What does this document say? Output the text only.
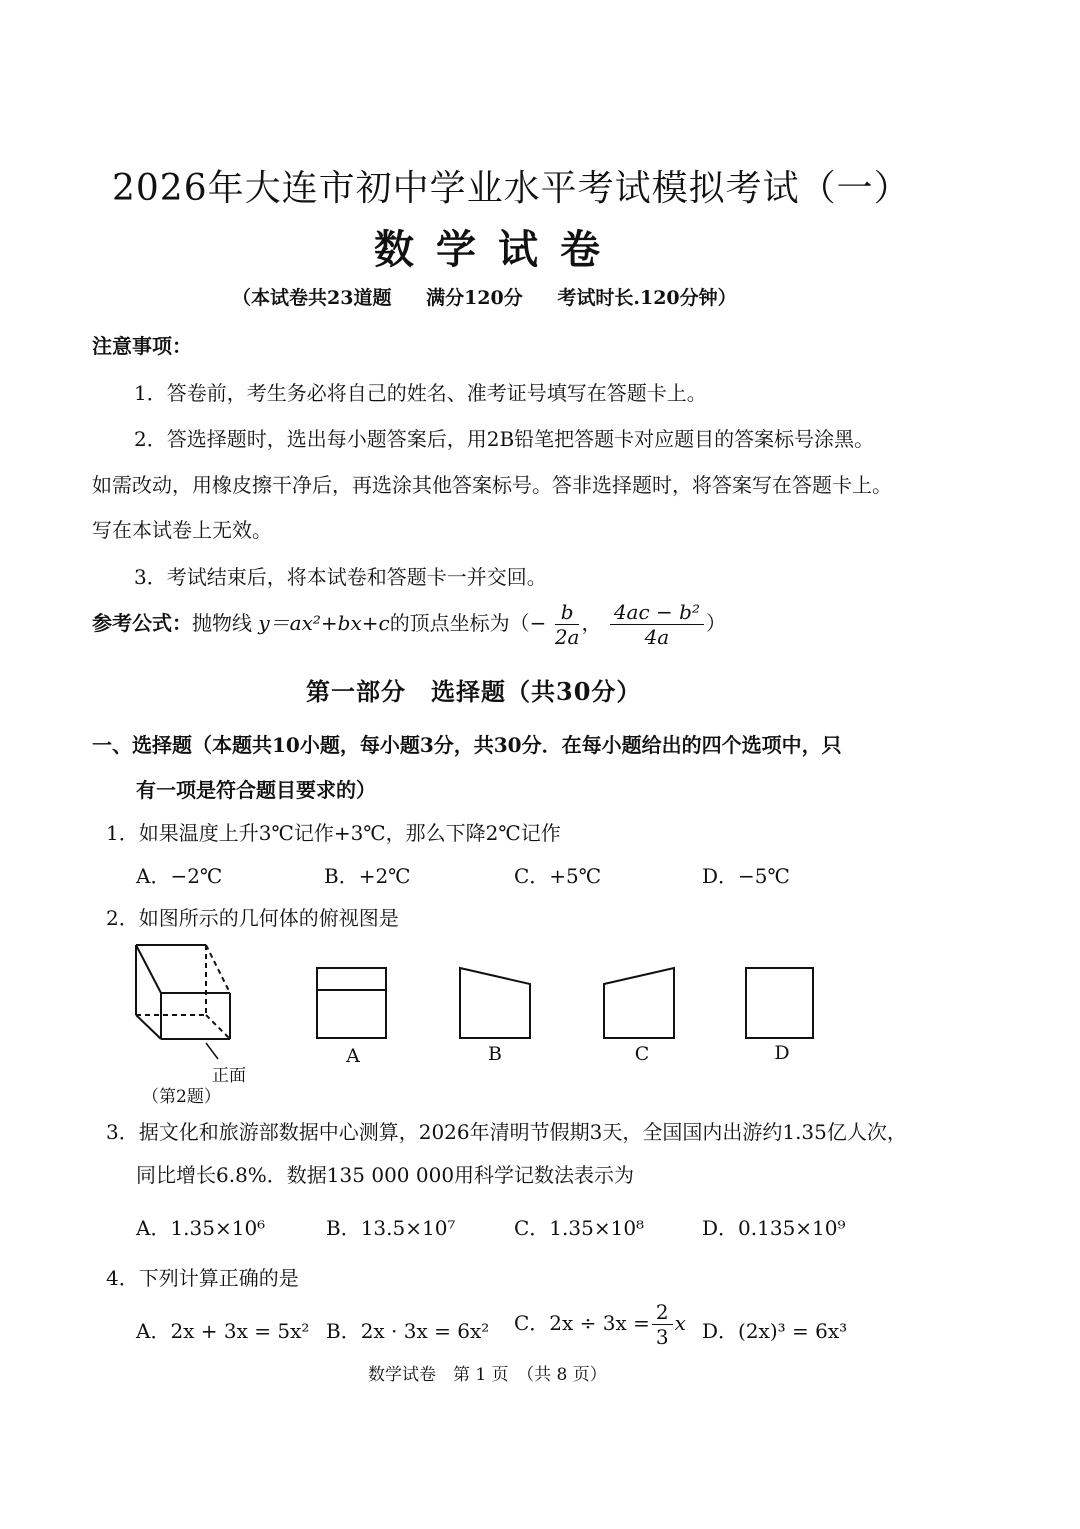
2026年大连市初中学业水平考试模拟考试（一）
数学试卷
（本试卷共23道题 满分120分 考试时长.120分钟）
注意事项：
1．答卷前，考生务必将自己的姓名、准考证号填写在答题卡上。
2．答选择题时，选出每小题答案后，用2B铅笔把答题卡对应题目的答案标号涂黑。
如需改动，用橡皮擦干净后，再选涂其他答案标号。答非选择题时，将答案写在答题卡上。
写在本试卷上无效。
3．考试结束后，将本试卷和答题卡一并交回。
参考公式：抛物线 y＝ax²+bx+c的顶点坐标为（− $\frac{b}{2a}$ ， $\frac{\text{4ac − b²}}{4a}$ ）
第一部分　选择题（共30分）
一、选择题（本题共10小题，每小题3分，共30分．在每小题给出的四个选项中，只
有一项是符合题目要求的）
1．如果温度上升3℃记作+3℃，那么下降2℃记作
A．−2℃	B．+2℃	C．+5℃	D．−5℃
2．如图所示的几何体的俯视图是
正面
（第2题）
A	B	C	D
3．据文化和旅游部数据中心测算，2026年清明节假期3天，全国国内出游约1.35亿人次，
同比增长6.8%．数据135 000 000用科学记数法表示为
A．1.35×10⁶	B．13.5×10⁷	C．1.35×10⁸	D．0.135×10⁹
4．下列计算正确的是
A．2x + 3x = 5x² B．2x · 3x = 6x² C．$2x \div 3x = \frac{2}{3}$ x D．(2x)³ = 6x³
数学试卷　第 1 页　（共 8 页）
